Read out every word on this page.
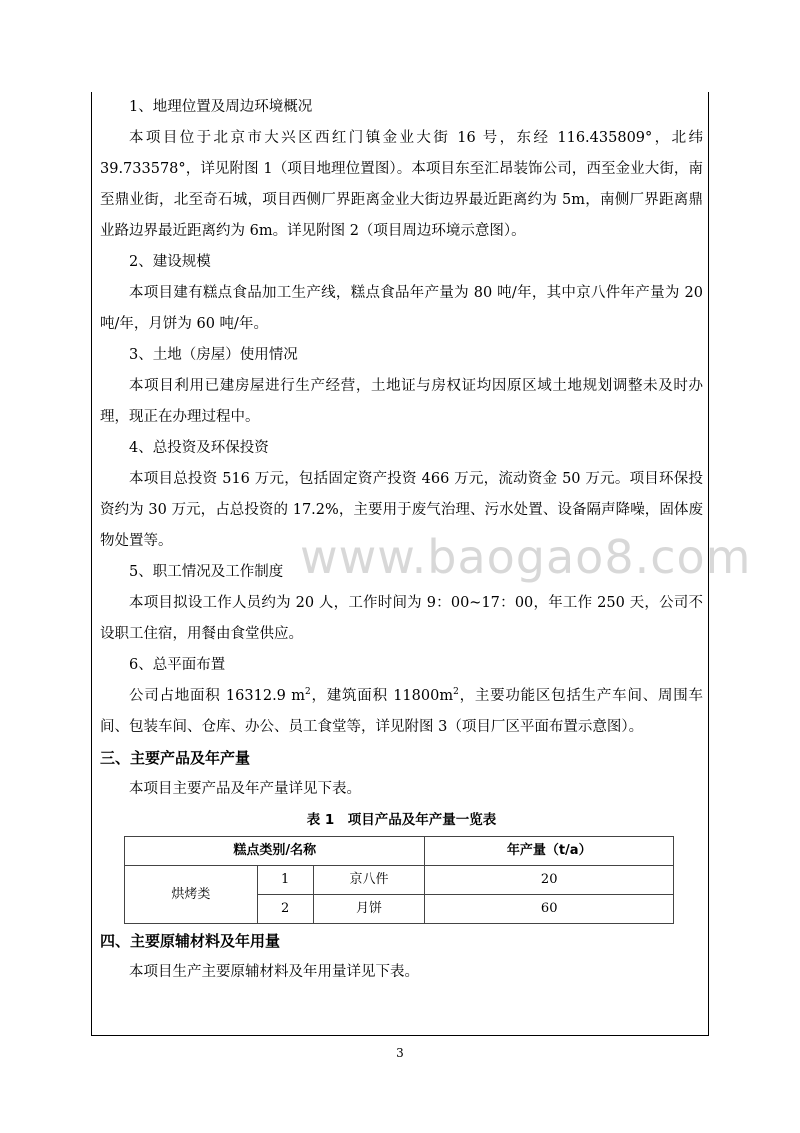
1、地理位置及周边环境概况

本项目位于北京市大兴区西红门镇金业大街 16 号，东经 116.435809°，北纬 39.733578°，详见附图 1（项目地理位置图）。本项目东至汇昂装饰公司，西至金业大街，南至鼎业街，北至奇石城，项目西侧厂界距离金业大街边界最近距离约为 5m，南侧厂界距离鼎业路边界最近距离约为 6m。详见附图 2（项目周边环境示意图）。

2、建设规模

本项目建有糕点食品加工生产线，糕点食品年产量为 80 吨/年，其中京八件年产量为 20 吨/年，月饼为 60 吨/年。

3、土地（房屋）使用情况

本项目利用已建房屋进行生产经营，土地证与房权证均因原区域土地规划调整未及时办理，现正在办理过程中。

4、总投资及环保投资

本项目总投资 516 万元，包括固定资产投资 466 万元，流动资金 50 万元。项目环保投资约为 30 万元，占总投资的 17.2%，主要用于废气治理、污水处置、设备隔声降噪，固体废物处置等。

5、职工情况及工作制度

本项目拟设工作人员约为 20 人，工作时间为 9：00~17：00，年工作 250 天，公司不设职工住宿，用餐由食堂供应。

6、总平面布置

公司占地面积 16312.9 $m^2$，建筑面积 $11800m^2$，主要功能区包括生产车间、周围车间、包装车间、仓库、办公、员工食堂等，详见附图 3（项目厂区平面布置示意图）。

三、主要产品及年产量

本项目主要产品及年产量详见下表。

表 1　项目产品及年产量一览表
糕点类别/名称			年产量（t/a）
烘烤类	1	京八件	20
	2	月饼	60

四、主要原辅材料及年用量

本项目生产主要原辅材料及年用量详见下表。

www.baogao8.com
3
